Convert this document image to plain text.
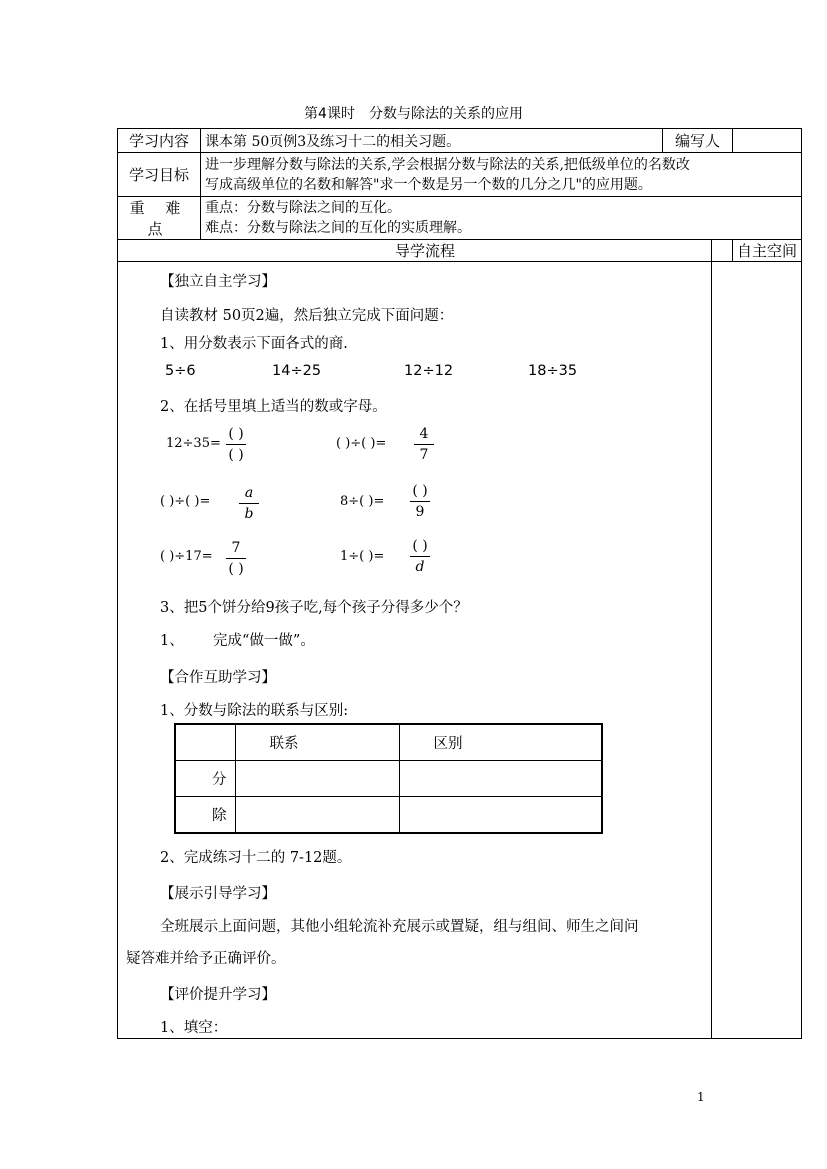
第4课时 分数与除法的关系的应用
学习内容	课本第 50页例3及练习十二的相关习题。	编写人	
学习目标	进一步理解分数与除法的关系,学会根据分数与除法的关系,把低级单位的名数改
写成高级单位的名数和解答"求一个数是另一个数的几分之几"的应用题。		

重 难 点	重点：分数与除法之间的互化。
难点：分数与除法之间的互化的实质理解。		

导学流程			自主空间
【独立自主学习】
自读教材 50页2遍，然后独立完成下面问题：
1、用分数表示下面各式的商.
5÷6	14÷25	12÷12	18÷35
2、在括号里填上适当的数或字母。
12÷35=
( )
( )
( )÷( )=
4
7
( )÷( )=
a
b
8÷( )=
( )
9
( )÷17=
7
( )
1÷( )=
( )
d
3、把5个饼分给9孩子吃,每个孩子分得多少个？
1、 完成“做一做”。
【合作互助学习】
1、分数与除法的联系与区别:
	联系	区别
分		
除		
2、完成练习十二的 7-12题。
【展示引导学习】
全班展示上面问题，其他小组轮流补充展示或置疑，组与组间、师生之间问
疑答难并给予正确评价。
【评价提升学习】
1、填空：
1
